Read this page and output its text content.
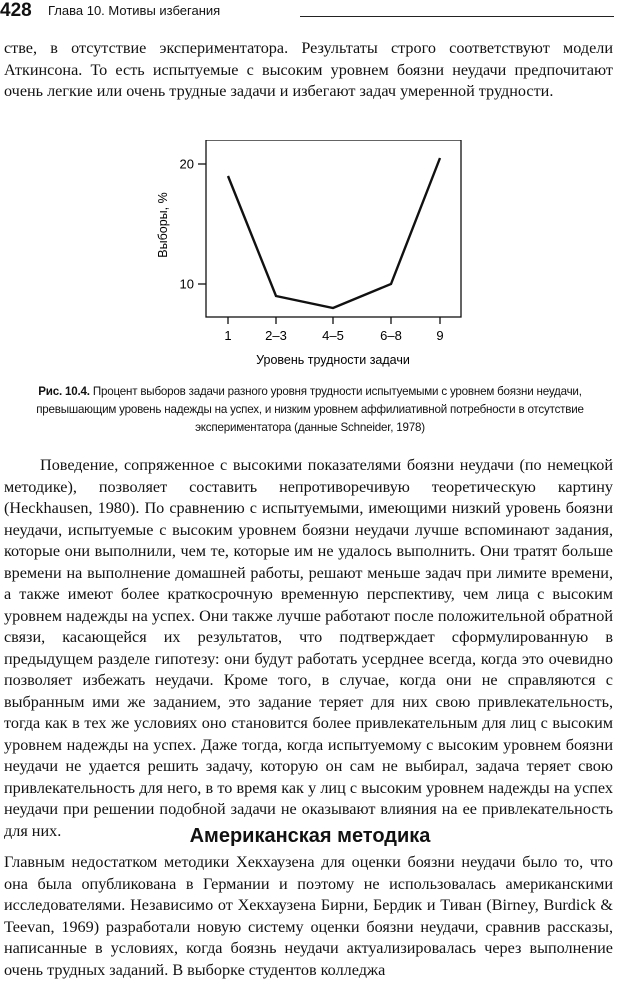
428 Глава 10. Мотивы избегания

стве, в отсутствие экспериментатора. Результаты строго соответствуют модели Аткинсона. То есть испытуемые с высоким уровнем боязни неудачи предпочитают очень легкие или очень трудные задачи и избегают задач умеренной трудности.

10
20
1	2–3	4–5	6–8	9
Выборы, %
Уровень трудности задачи

Рис. 10.4. Процент выборов задачи разного уровня трудности испытуемыми с уровнем боязни неудачи, превышающим уровень надежды на успех, и низким уровнем аффилиативной потребности в отсутствие экспериментатора (данные Schneider, 1978)

Поведение, сопряженное с высокими показателями боязни неудачи (по немецкой методике), позволяет составить непротиворечивую теоретическую картину (Heckhausen, 1980). По сравнению с испытуемыми, имеющими низкий уровень боязни неудачи, испытуемые с высоким уровнем боязни неудачи лучше вспоминают задания, которые они выполнили, чем те, которые им не удалось выполнить. Они тратят больше времени на выполнение домашней работы, решают меньше задач при лимите времени, а также имеют более краткосрочную временную перспективу, чем лица с высоким уровнем надежды на успех. Они также лучше работают после положительной обратной связи, касающейся их результатов, что подтверждает сформулированную в предыдущем разделе гипотезу: они будут работать усерднее всегда, когда это очевидно позволяет избежать неудачи. Кроме того, в случае, когда они не справляются с выбранным ими же заданием, это задание теряет для них свою привлекательность, тогда как в тех же условиях оно становится более привлекательным для лиц с высоким уровнем надежды на успех. Даже тогда, когда испытуемому с высоким уровнем боязни неудачи не удается решить задачу, которую он сам не выбирал, задача теряет свою привлекательность для него, в то время как у лиц с высоким уровнем надежды на успех неудачи при решении подобной задачи не оказывают влияния на ее привлекательность для них.	Американская методика

Главным недостатком методики Хекхаузена для оценки боязни неудачи было то, что она была опубликована в Германии и поэтому не использовалась американскими исследователями. Независимо от Хекхаузена Бирни, Бердик и Тиван (Birney, Burdick & Teevan, 1969) разработали новую систему оценки боязни неудачи, сравнив рассказы, написанные в условиях, когда боязнь неудачи актуализировалась через выполнение очень трудных заданий. В выборке студентов колледжа
